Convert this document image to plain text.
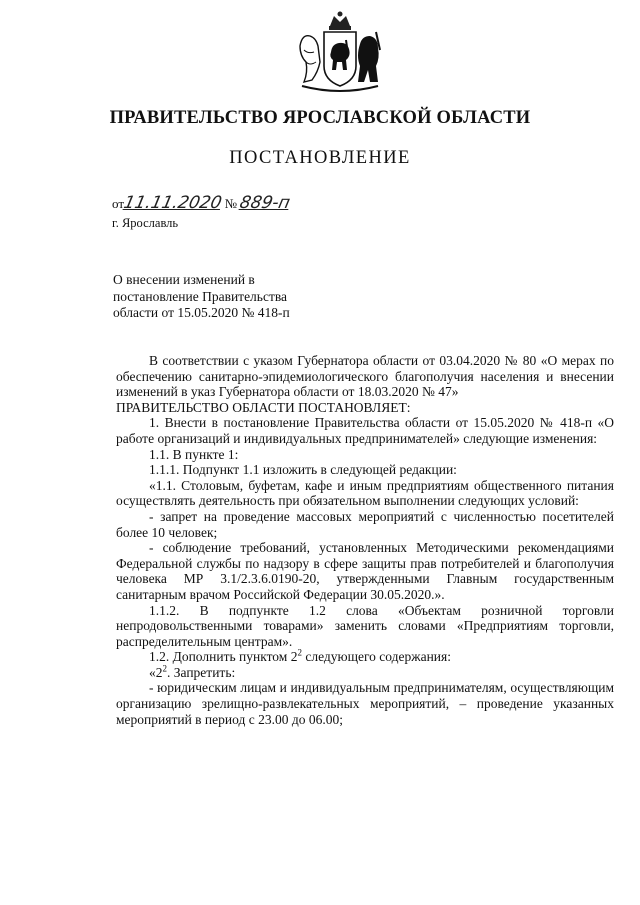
ПРАВИТЕЛЬСТВО ЯРОСЛАВСКОЙ ОБЛАСТИ
ПОСТАНОВЛЕНИЕ
от11.11.2020 № 889-п
г. Ярославль
О внесении изменений в
постановление Правительства
области от 15.05.2020 № 418-п

В соответствии с указом Губернатора области от 03.04.2020 № 80 «О мерах по обеспечению санитарно-эпидемиологического благополучия населения и внесении изменений в указ Губернатора области от 18.03.2020 № 47»

ПРАВИТЕЛЬСТВО ОБЛАСТИ ПОСТАНОВЛЯЕТ:

1. Внести в постановление Правительства области от 15.05.2020 № 418-п «О работе организаций и индивидуальных предпринимателей» следующие изменения:

1.1. В пункте 1:

1.1.1. Подпункт 1.1 изложить в следующей редакции:

«1.1. Столовым, буфетам, кафе и иным предприятиям общественного питания осуществлять деятельность при обязательном выполнении следующих условий:

- запрет на проведение массовых мероприятий с численностью посетителей более 10 человек;

- соблюдение требований, установленных Методическими рекомендациями Федеральной службы по надзору в сфере защиты прав потребителей и благополучия человека МР 3.1/2.3.6.0190-20, утвержденными Главным государственным санитарным врачом Российской Федерации 30.05.2020.».

1.1.2. В подпункте 1.2 слова «Объектам розничной торговли непродовольственными товарами» заменить словами «Предприятиям торговли, распределительным центрам».

1.2. Дополнить пунктом $2^2$ следующего содержания:

«$2^2$. Запретить:

- юридическим лицам и индивидуальным предпринимателям, осуществляющим организацию зрелищно-развлекательных мероприятий, – проведение указанных мероприятий в период с 23.00 до 06.00;
